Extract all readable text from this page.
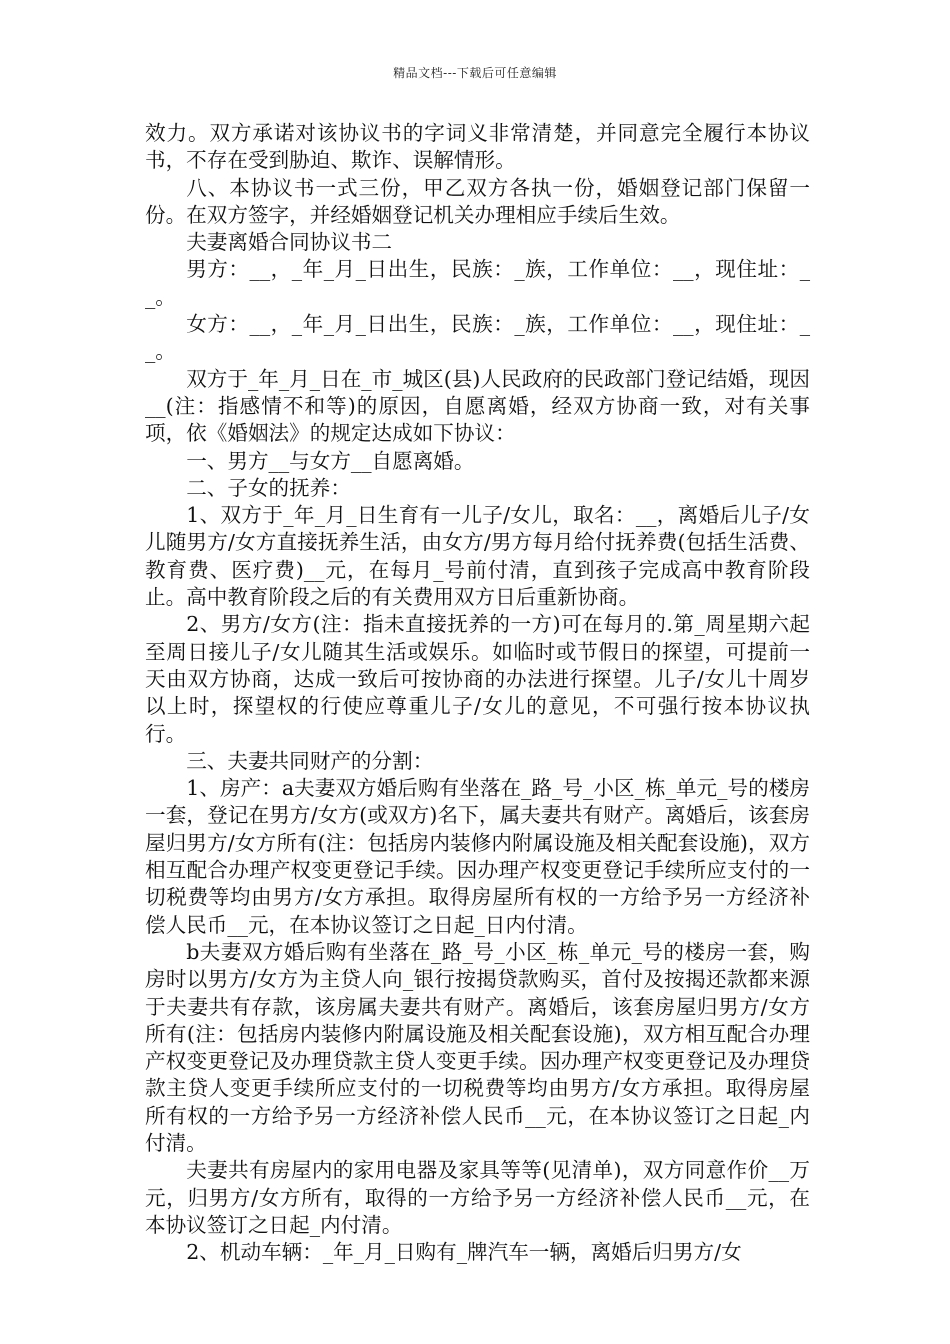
精品文档---下载后可任意编辑

效力。双方承诺对该协议书的字词义非常清楚，并同意完全履行本协议书，不存在受到胁迫、欺诈、误解情形。

八、本协议书一式三份，甲乙双方各执一份，婚姻登记部门保留一份。在双方签字，并经婚姻登记机关办理相应手续后生效。

夫妻离婚合同协议书二

男方：__，_年_月_日出生，民族：_族，工作单位：__，现住址：__。

女方：__，_年_月_日出生，民族：_族，工作单位：__，现住址：__。

双方于_年_月_日在_市_城区(县)人民政府的民政部门登记结婚，现因__(注：指感情不和等)的原因，自愿离婚，经双方协商一致，对有关事项，依《婚姻法》的规定达成如下协议：

一、男方__与女方__自愿离婚。

二、子女的抚养：

1、双方于_年_月_日生育有一儿子/女儿，取名：__，离婚后儿子/女儿随男方/女方直接抚养生活，由女方/男方每月给付抚养费(包括生活费、教育费、医疗费)__元，在每月_号前付清，直到孩子完成高中教育阶段止。高中教育阶段之后的有关费用双方日后重新协商。

2、男方/女方(注：指未直接抚养的一方)可在每月的.第_周星期六起至周日接儿子/女儿随其生活或娱乐。如临时或节假日的探望，可提前一天由双方协商，达成一致后可按协商的办法进行探望。儿子/女儿十周岁以上时，探望权的行使应尊重儿子/女儿的意见，不可强行按本协议执行。

三、夫妻共同财产的分割：

1、房产：a夫妻双方婚后购有坐落在_路_号_小区_栋_单元_号的楼房一套，登记在男方/女方(或双方)名下，属夫妻共有财产。离婚后，该套房屋归男方/女方所有(注：包括房内装修内附属设施及相关配套设施)，双方相互配合办理产权变更登记手续。因办理产权变更登记手续所应支付的一切税费等均由男方/女方承担。取得房屋所有权的一方给予另一方经济补偿人民币__元，在本协议签订之日起_日内付清。

b夫妻双方婚后购有坐落在_路_号_小区_栋_单元_号的楼房一套，购房时以男方/女方为主贷人向_银行按揭贷款购买，首付及按揭还款都来源于夫妻共有存款，该房属夫妻共有财产。离婚后，该套房屋归男方/女方所有(注：包括房内装修内附属设施及相关配套设施)，双方相互配合办理产权变更登记及办理贷款主贷人变更手续。因办理产权变更登记及办理贷款主贷人变更手续所应支付的一切税费等均由男方/女方承担。取得房屋所有权的一方给予另一方经济补偿人民币__元，在本协议签订之日起_内付清。

夫妻共有房屋内的家用电器及家具等等(见清单)，双方同意作价__万元，归男方/女方所有，取得的一方给予另一方经济补偿人民币__元，在本协议签订之日起_内付清。

2、机动车辆：_年_月_日购有_牌汽车一辆，离婚后归男方/女
